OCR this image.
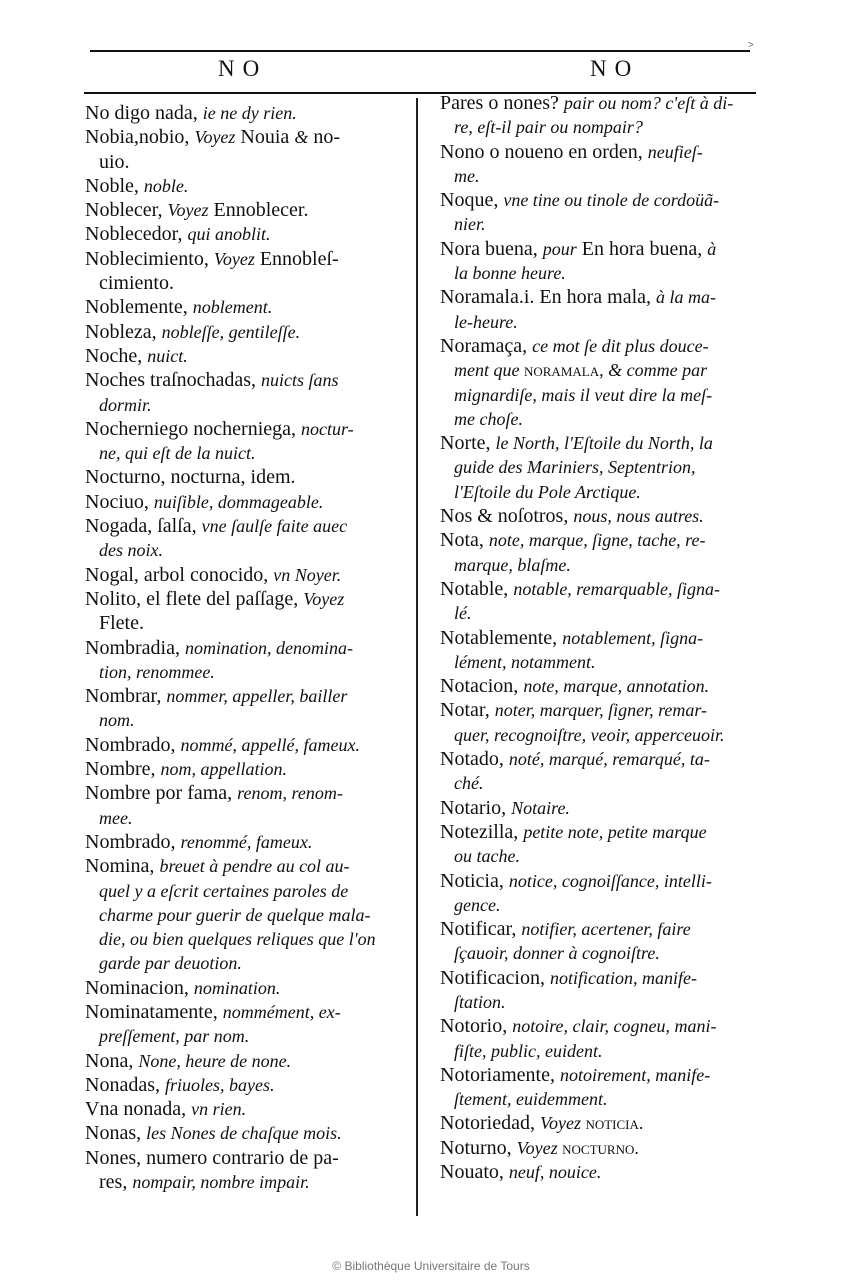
˃
NO	NO
No digo nada, ie ne dy rien.
Nobia,nobio, Voyez Nouia & no-
uio.
Noble, noble.
Noblecer, Voyez Ennoblecer.
Noblecedor, qui anoblit.
Noblecimiento, Voyez Ennobleſ-
cimiento.
Noblemente, noblement.
Nobleza, nobleſſe, gentileſſe.
Noche, nuict.
Noches traſnochadas, nuicts ſans
dormir.
Nocherniego nocherniega, noctur-
ne, qui eſt de la nuict.
Nocturno, nocturna, idem.
Nociuo, nuiſible, dommageable.
Nogada, ſalſa, vne ſaulſe faite auec
des noix.
Nogal, arbol conocido, vn Noyer.
Nolito, el flete del paſſage, Voyez
Flete.
Nombradia, nomination, denomina-
tion, renommee.
Nombrar, nommer, appeller, bailler
nom.
Nombrado, nommé, appellé, fameux.
Nombre, nom, appellation.
Nombre por fama, renom, renom-
mee.
Nombrado, renommé, fameux.
Nomina, breuet à pendre au col au-
quel y a eſcrit certaines paroles de
charme pour guerir de quelque mala-
die, ou bien quelques reliques que l'on
garde par deuotion.
Nominacion, nomination.
Nominatamente, nommément, ex-
preſſement, par nom.
Nona, None, heure de none.
Nonadas, friuoles, bayes.
Vna nonada, vn rien.
Nonas, les Nones de chaſque mois.
Nones, numero contrario de pa-
res, nompair, nombre impair.
Pares o nones? pair ou nom? c'eſt à di-
re, eſt-il pair ou nompair?
Nono o noueno en orden, neufieſ-
me.
Noque, vne tine ou tinole de cordoüã-
nier.
Nora buena, pour En hora buena, à
la bonne heure.
Noramala.i. En hora mala, à la ma-
le-heure.
Noramaça, ce mot ſe dit plus douce-
ment que noramala, & comme par
mignardiſe, mais il veut dire la meſ-
me choſe.
Norte, le North, l'Eſtoile du North, la
guide des Mariniers, Septentrion,
l'Eſtoile du Pole Arctique.
Nos & noſotros, nous, nous autres.
Nota, note, marque, ſigne, tache, re-
marque, blaſme.
Notable, notable, remarquable, ſigna-
lé.
Notablemente, notablement, ſigna-
lément, notamment.
Notacion, note, marque, annotation.
Notar, noter, marquer, ſigner, remar-
quer, recognoiſtre, veoir, apperceuoir.
Notado, noté, marqué, remarqué, ta-
ché.
Notario, Notaire.
Notezilla, petite note, petite marque
ou tache.
Noticia, notice, cognoiſſance, intelli-
gence.
Notificar, notifier, acertener, faire
ſçauoir, donner à cognoiſtre.
Notificacion, notification, manife-
ſtation.
Notorio, notoire, clair, cogneu, mani-
fiſte, public, euident.
Notoriamente, notoirement, manife-
ſtement, euidemment.
Notoriedad, Voyez noticia.
Noturno, Voyez nocturno.
Nouato, neuf, nouice.
© Bibliothèque Universitaire de Tours
